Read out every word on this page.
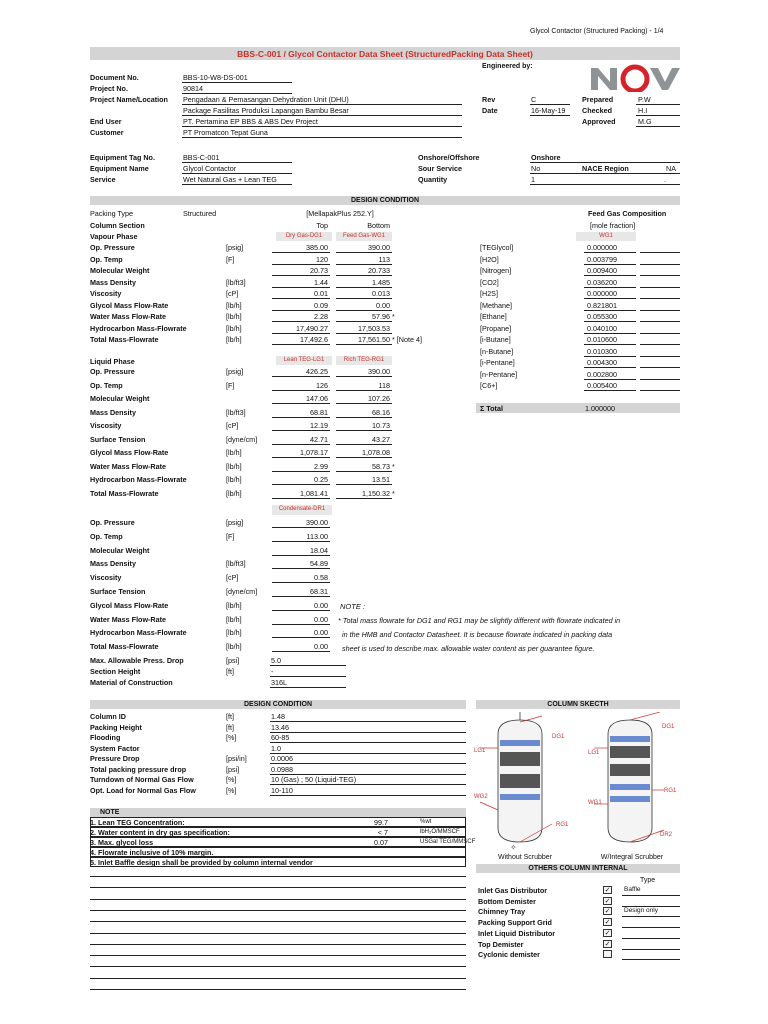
Glycol Contactor (Structured Packing) - 1/4
BBS-C-001 / Glycol Contactor Data Sheet (StructuredPacking Data Sheet)
Engineered by:
Document No.	BBS-10-W8-DS-001
Project No.	90814
Project Name/Location Pengadaan & Pemasangan Dehydration Unit (DHU)
Package Fasilitas Produksi Lapangan Bambu Besar
End User	PT. Pertamina EP BBS & ABS Dev Project
Customer	PT Promatcon Tepat Guna
Rev	C
Date	16-May-19
Prepared	P.W
Checked	H.I
Approved	M.G
Equipment Tag No.	BBS-C-001
Equipment Name	Glycol Contactor
Service	Wet Natural Gas + Lean TEG
Onshore/Offshore	Onshore
Sour Service	No	NACE Region	NA
Quantity	1	.
DESIGN CONDITION
Packing Type	Structured	[MellapakPlus 252.Y]
Column Section	Top	Bottom
Vapour Phase	Dry Gas-DG1	Feed Gas-WG1
Op. Pressure	[psig]	385.00	390.00
Op. Temp	[F]	120	113
Molecular Weight	20.73	20.733
Mass Density	[lb/ft3]	1.44	1.485
Viscosity	[cP]	0.01	0.013
Glycol Mass Flow-Rate	[lb/h]	0.09	0.00
Water Mass Flow-Rate	[lb/h]	2.28	57.96 *
Hydrocarbon Mass-Flowrate	[lb/h]	17,490.27	17,503.53
Total Mass-Flowrate	[lb/h]	17,492.6	17,561.50 * [Note 4]
Feed Gas Composition
[mole fraction]
WG1
[TEGlycol]	0.000000
[H2O]	0.003799
[Nitrogen]	0.009400
[CO2]	0.036200
[H2S]	0.000000
[Methane]	0.821801
[Ethane]	0.055300
[Propane]	0.040100
[i-Butane]	0.010600
[n-Butane]	0.010300
[i-Pentane]	0.004300
[n-Pentane]	0.002800
[C6+]	0.005400
Σ Total	1.000000
Liquid Phase	Lean TEG-LG1	Rich TEG-RG1
Op. Pressure	[psig]	426.25	390.00
Op. Temp	[F]	126	118
Molecular Weight	147.06	107.26
Mass Density	[lb/ft3]	68.81	68.16
Viscosity	[cP]	12.19	10.73
Surface Tension	[dyne/cm]	42.71	43.27
Glycol Mass Flow-Rate	[lb/h]	1,078.17	1,078.08
Water Mass Flow-Rate	[lb/h]	2.99	58.73 *
Hydrocarbon Mass-Flowrate	[lb/h]	0.25	13.51
Total Mass-Flowrate	[lb/h]	1,081.41	1,150.32 *
Condensate-DR1
Op. Pressure	[psig]	390.00
Op. Temp	[F]	113.00
Molecular Weight	18.04
Mass Density	[lb/ft3]	54.89
Viscosity	[cP]	0.58
Surface Tension	[dyne/cm]	68.31
Glycol Mass Flow-Rate	[lb/h]	0.00
Water Mass Flow-Rate	[lb/h]	0.00
Hydrocarbon Mass-Flowrate	[lb/h]	0.00
Total Mass-Flowrate	[lb/h]	0.00
Max. Allowable Press. Drop	[psi]	5.0
Section Height	[ft]	-
Material of Construction	316L
NOTE :
* Total mass flowrate for DG1 and RG1 may be slightly different with flowrate indicated in
in the HMB and Contactor Datasheet. It is because flowrate indicated in packing data
sheet is used to describe max. allowable water content as per guarantee figure.
DESIGN CONDITION
Column ID	[ft]	1.48
Packing Height	[ft]	13.46
Flooding	[%]	60-85
System Factor	1.0
Pressure Drop	[psi/in]	0.0006
Total packing pressure drop	[psi]	0.0988
Turndown of Normal Gas Flow	[%]	10 (Gas) ; 50 (Liquid-TEG)
Opt. Load for Normal Gas Flow	[%]	10-110
NOTE
1. Lean TEG Concentration:	99.7	%wt
2. Water content in dry gas specification:	< 7	lbH₂O/MMSCF
3. Max. glycol loss	0.07	USGal TEG/MMSCF
4. Flowrate inclusive of 10% margin.
5. Inlet Baffle design shall be provided by column internal vendor
COLUMN SKECTH
DG1
LG1
WG2
RG1
DG1
LG1
WG1
RG1
DR2
✧
Without Scrubber	W/Integral Scrubber
OTHERS COLUMN INTERNAL
Type
Inlet Gas Distributor	✓ Baffle
Bottom Demister	✓
Chimney Tray	✓ Design only
Packing Support Grid	✓
Inlet Liquid Distributor	✓
Top Demister	✓
Cyclonic demister
